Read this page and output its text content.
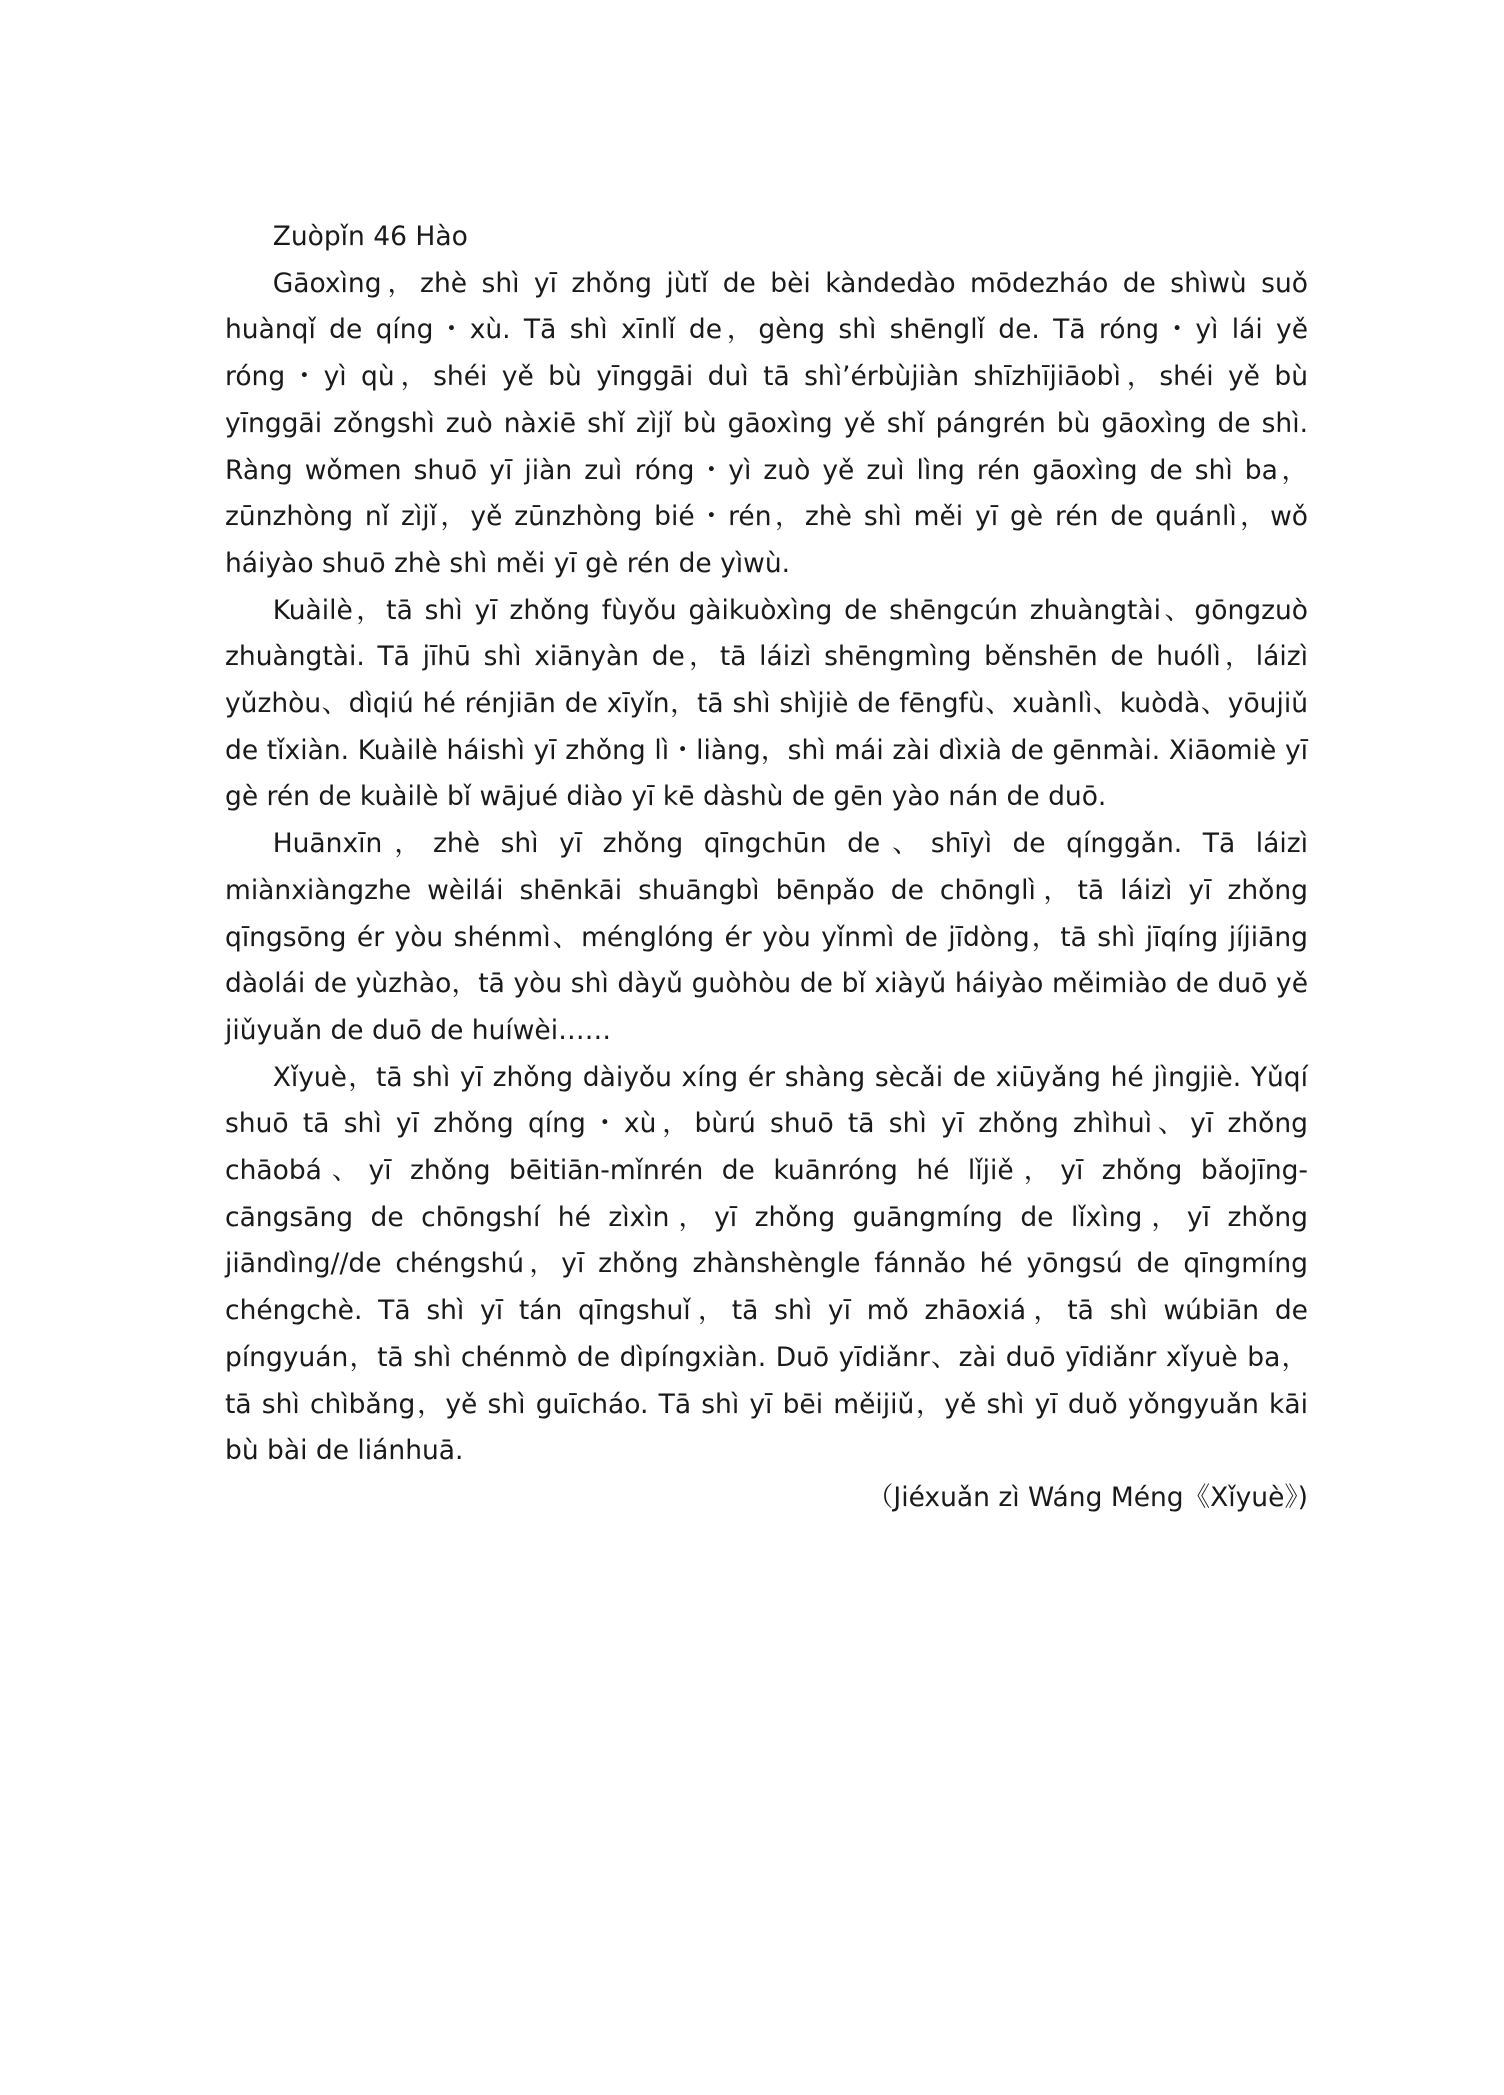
Zuòpǐn 46 Hào

Gāoxìng，zhè shì yī zhǒng jùtǐ de bèi kàndedào mōdezháo de shìwù suǒ huànqǐ de qíng・xù. Tā shì xīnlǐ de，gèng shì shēnglǐ de. Tā róng・yì lái yě róng・yì qù，shéi yě bù yīnggāi duì tā shì’érbùjiàn shīzhījiāobì，shéi yě bù yīnggāi zǒngshì zuò nàxiē shǐ zìjǐ bù gāoxìng yě shǐ pángrén bù gāoxìng de shì. Ràng wǒmen shuō yī jiàn zuì róng・yì zuò yě zuì lìng rén gāoxìng de shì ba，zūnzhòng nǐ zìjǐ，yě zūnzhòng bié・rén，zhè shì měi yī gè rén de quánlì，wǒ háiyào shuō zhè shì měi yī gè rén de yìwù.

Kuàilè，tā shì yī zhǒng fùyǒu gàikuòxìng de shēngcún zhuàngtài、gōngzuò zhuàngtài. Tā jīhū shì xiānyàn de，tā láizì shēngmìng běnshēn de huólì，láizì yǔzhòu、dìqiú hé rénjiān de xīyǐn，tā shì shìjiè de fēngfù、xuànlì、kuòdà、yōujiǔ de tǐxiàn. Kuàilè háishì yī zhǒng lì・liàng，shì mái zài dìxià de gēnmài. Xiāomiè yī gè rén de kuàilè bǐ wājué diào yī kē dàshù de gēn yào nán de duō.

Huānxīn，zhè shì yī zhǒng qīngchūn de、shīyì de qínggǎn. Tā láizì miànxiàngzhe wèilái shēnkāi shuāngbì bēnpǎo de chōnglì，tā láizì yī zhǒng qīngsōng ér yòu shénmì、ménglóng ér yòu yǐnmì de jīdòng，tā shì jīqíng jíjiāng dàolái de yùzhào，tā yòu shì dàyǔ guòhòu de bǐ xiàyǔ háiyào měimiào de duō yě jiǔyuǎn de duō de huíwèi……

Xǐyuè，tā shì yī zhǒng dàiyǒu xíng ér shàng sècǎi de xiūyǎng hé jìngjiè. Yǔqí shuō tā shì yī zhǒng qíng・xù，bùrú shuō tā shì yī zhǒng zhìhuì、yī zhǒng chāobá、yī zhǒng bēitiān-mǐnrén de kuānróng hé lǐjiě，yī zhǒng bǎojīng-cāngsāng de chōngshí hé zìxìn，yī zhǒng guāngmíng de lǐxìng，yī zhǒng jiāndìng//de chéngshú，yī zhǒng zhànshèngle fánnǎo hé yōngsú de qīngmíng chéngchè. Tā shì yī tán qīngshuǐ，tā shì yī mǒ zhāoxiá，tā shì wúbiān de píngyuán，tā shì chénmò de dìpíngxiàn. Duō yīdiǎnr、zài duō yīdiǎnr xǐyuè ba，tā shì chìbǎng，yě shì guīcháo. Tā shì yī bēi měijiǔ，yě shì yī duǒ yǒngyuǎn kāi bù bài de liánhuā.

（Jiéxuǎn zì Wáng Méng《Xǐyuè》)
